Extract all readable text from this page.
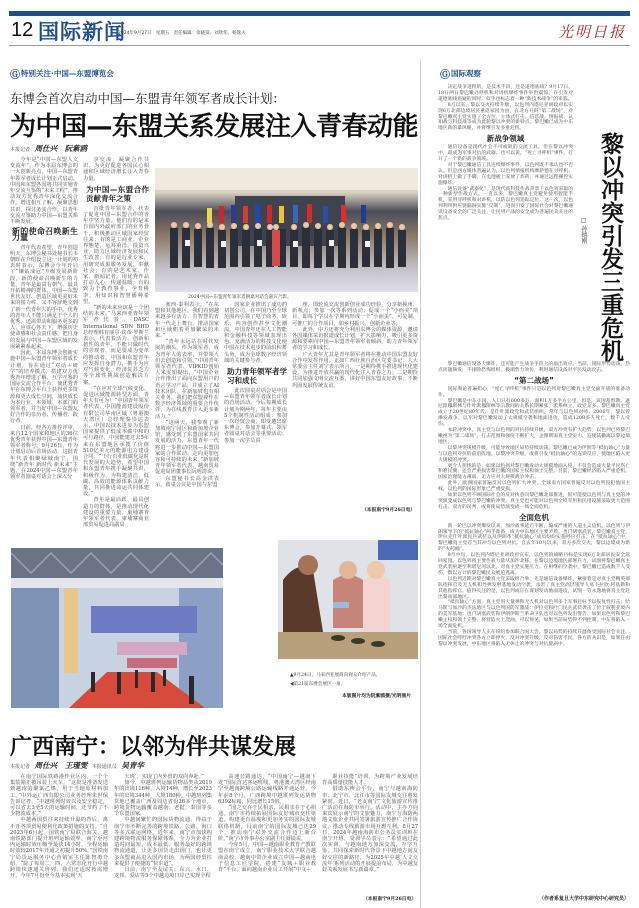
12 国际新闻
2024年9月27日 星期五 责任编辑：余晓葵、刘欣伟、杨逸夫	光明日报
Ⓖ 特别关注·中国—东盟博览会
东博会首次启动中国—东盟青年领军者成长计划：
为中国—东盟关系发展注入青春动能
本报记者 周仕兴 阮紫鸥

今年是“中国—东盟人文交流年”。作为本届东博会的一大创新亮点，中国—东盟青年领军者成长计划正式启动。中国和东盟各国将共同实施青年交流互鉴的“未来工程”，推动双方优秀青年深化交流合作，增进相互了解，凝聚思想共识，探讨务实合作，以青年交流互鉴助力中国—东盟关系不断发展。

新的使命召唤新生力量

青年代表希望，青年创造明天。东博会秘书处秘书长韦朝晖在介绍设立这一计划的初衷时表示，东博会今年开启了“镶钻成冠”升级发展新阶段，新的使命召唤新生的力量。青年是最富有朝气、最具开拓精神的群体，中国—东盟世代友好、创造区域更美好未来的接力棒，又不容辞地交到了新一代青年人的手中。优秀的青年人不能只满足于个人的优秀，还需带动和服务更多的人，应该心怀天下，增强历史使命感和社会责任感，把自身的发展与中国—东盟区域的发展紧紧系起来。

因此，本届东博会创新实施中国—东盟青年领军者成长计划，旨在通过“对话＋研学”的培养模式，搭建双方优秀青年增进了解、互学互鉴的国际交流合作平台，使优秀青年在东博会平台上获得更多资源和更大成长空间，加快成长为本行业、本领域、本部门的领军者，并当好中国—东盟友好合作的亲历者、传播者、践行者。

日前，经各方推荐评审，来自12个国家和地区的36位优秀青年获得中国—东盟青年领军者称号。9月26日，作为计划启动后首场活动，这批青年代表相聚绿城南宁，围绕“新青年 新时代 新未来”主题，在2024中国—东盟青年领军者圆桌对话会上深入分

享交流，凝聚合作共识，为更好促进各国民心相通和区域经济增长注入青春力量。

为中国—东盟合作贡献青年之策

首批青年领军者，代表了促进中国—东盟合作的青年中坚力量。他们有的是来自国内外政府部门的业务骨干，积极推动区域国家经贸往来；有的是工商业、企业界翘楚，运筹重洋、投资兴业，助力区域经济发展和民生改善；有的是行业专家，用研究成果服务发展，奉献社会；有的是艺术家、作家、新闻记者，用优秀作品打动人心，传递温暖；有的致力于教育事业，孕育桃李，用知识和智慧播种希望。

“新的未来应该是一个团结的未来。”马来西亚青年领军者代表、DASC International SDN BHD总经理韩有丽尔·宾帝·罗斯兰表示，代表着活力、创新和韧性的青年，不能只做时代的旁观者，而是要成为变革的推动者。中国和东盟青年应发挥自身潜力，携手为应对气候变化、经济复苏乏力等全球性挑战创造解决方案。

“在应对全球气候变化、促进区域能源转型方面，青年大有可为！”中国青年领军者代表、中国能源建设股份有限公司华南区域（粤港澳大湾区）总经理秦崇达表示，中国以技术进步为东盟国家提供了低成本碳中和的可行路径，中国能建过去5年来在东盟地区承揽了价值510亿美元的能源电力建设合同。“千行百业低碳化是时代发展的大趋势，希望中国和东盟青年携手凝聚共识，积极作为，为构建清洁、低碳、高效的能源体系贡献力量，共同推进命运共同体建设。”

青年是最活跃、最具创造力的群体，是推动现代化建设的重要力量。柬埔寨青年领军者代表、柬埔寨商业部贸易促进局副局

2024中国—东盟青年领军者圆桌对话会嘉宾合影。

塞西·泰利表示，“在东盟和其他地区，我们看到越来越多有活力、有智慧的青年一代走上舞台，推动国家和区域朝着更加繁荣的未来。”

“青年永远站在时代发展的潮头。作为领军者，成为青年人的表率，并带领人们去创造和引领。”中国青年领军者代表、VIPKID创始人米雯娟提出，“中国企业合作推出了面向东盟用户的语言学习产品，并成立了AI技术团队，在新加坡也有相关业务。我们把东盟视作在数字经济领域的重要合作伙伴，为在线教育注入更多新活力。”

“这两天，我参观了新加坡南宁园区和新加坡企业馆，感受到了东盟国家共同发展的活力，东盟青年一代将进一步推动中国—东盟国家的合作联动，走向更加包容和可持续的未来。”新加坡青年领军者代表、越南贸易促进局团董事长阮明清说。

东盟秘书长高金洪表示，圆桌会议是中国与东盟

国家企业推出了成功的初创公司，在中国乃至全球范围内引领了电子商务、娱乐、内容创作甚至文化潮流。中国青年还在人工智能和金融科技等领域表现出色。充满活力的科技文化使中国在技术进步的前沿积蓄头角，成为全球数字经济领域的关键参与者。

助力青年领军者学习和成长

此次圆桌对话会是中国—东盟青年领军者成长计划的首场活动。今后每期成长计划为期两年，每年主要由5个机制性活动组成：参加一次经贸会商，即受邀出席东博会，参加开幕式、领军者圆桌对话会等重要活动；参加一次学员讲

座，即轮流交流创新创业成功经验，分享新视角、新观点；参加一次等系列活动；促成一个“小而美”项目，即每个学员在学期内形成一个“小而美”、可复制、可推广的合作项目，如乡村振兴、创新企业等。

此外，中方还将充分利用东博会的媒体资源，邀请各国媒体采访报道成长计划，扩大影响力，吸引更多资源和要素向中国—东盟青年领军者倾斜，助力青年领军者的学习和成长。

广大青年尤其是青年领军者将在推动中国东盟友好合作中发挥作用。正如广西壮族自治区党委书记、人大常委会主任刘宁表示所言，一是期待携手推进现代化建设，为推进开放共赢的现代化注入青春之力；二是期待共同加强文明交流互鉴，讲好中国东盟友好故事，不断巩固发展传统友谊。

（本报南宁9月26日电）
▲9月24日，马来西亚展商向观众介绍产品。
◀第21届东博会展区一角。
本版图片均为阮紫鸥摄/光明图片
广西南宁：以邻为伴共谋发展
本报记者 周仕兴 王瑾雯 本报通讯员 吴青华

在南宁国际铁路港作业区内，一个个集装箱正被吊装上火车。“这批是准备发送到越南的聚氯乙烯，用于当地原材料加工。”中外运广西有限公司业务经理朱世保告诉记者，“中越班列时效以及安全稳定，可以省去3至5天的运输时间，还节约了不少物流成本。”

中越两国贸往来持续升温的背后，离不开各项贸易便利化政策措施的支持。“自2023年6月起，国铁南宁局联合海关、越南铁路部门提升班列运输效率，南宁至河内运输时效压缩至最快14小时，全程运输时效较2017年开通之初提升50%。”国铁南宁局货运服务中心营销室主任陈智勇介绍，“除了每周二、四、六常态化开行中越跨境快速通关班列，我们还适时按需增开，今年7月份至今基本实现‘天

天班’，实现了内外贸的双向奔赴。”

如今，中越班列运输货物品类从2019年的出境116种、入境14种，增长至2023年的出境344种、入境180种。中越班列集货地已覆盖广西及周边省份26多个地市，跨境货物运输覆盖越南、老挝、泰国等多个东盟国家。

中越间繁忙的国际货物流通，得益于南宁市不断完善的跨境铁路、公路、海口等多式联运网络。近年来，南宁市加快构建跨境物流服务保障体系，全力为企业打造时间最短、成本最低、服务最好的跨境物流通道，让更多国货走出国门，也让更多东盟商品进入国内市场，为两国经贸往来提供了便捷的“快车道”。

目前，南宁至友谊关、东兴、水口、龙邦、爱店等5个中越边境口岸已实现全程

高速公路通达，“中国南宁—越南下龙”国际直达客运班线、粤港澳大湾区经南宁至越南跨境公路运输线路开通运营。今年前8个月，广西跨境中越班列发运货物6392标箱，同比增长15倍。

“国之交在于民相亲，民相亲在于心相通。南宁市持续拓展国际友好城市交往渠道，构建更有温度和更加务实的国际友城联络机制，目前南宁的国际友城已达29个，推动南宁对外交流合作迈上新台阶。”南宁市外事办公室副主任聂镜说。

今年5月，中国—越南职业教育产教联盟在南宁成立，南宁职业技术大学联合越南高校、越南中资企业成立中国—越南电子信息工匠学院，搭建“友城＋职业教育”平台，面向越南企业员工开展“中文＋

职业技能”培训，为跨境产业发展培育高质量技能人才。

借助东博会平台，南宁与越南海防市、北宁市、北江市等国际友城交往愈发紧密。近日，“老友南宁”文化旅游宣传推广活动在海防市举行。活动中，主办方向来宾展示南宁的文旅魅力，南宁与海防两地文旅企业共同签署旅游宣传推广合作协议，推动专线旅游市场互惠互利。8月27日，2024年越南海防市公务员实训班在南宁开班，受训学员表示：“希望通过此次实训，与越南地方加深交流，互学互鉴，共同探索新时代背景下中越地方间友好交往的新路径，为2025年中越‘人文交流年’系列活动的开展提前布局，为中越友好关系发展书写新篇章。”

（本报南宁9月26日电）
Ⓖ 国际观察
黎以冲突引发三重危机
□ 孙德刚

决定战争进程的，是技术手段，还是道德底线？9月17日、18日两日黎巴嫩寻呼机和对讲机爆炸事件举世震惊，在引发对道德底线质疑的同时，似乎也标志着一种“新技术战争”的来临。

8月以来，黎以交火持续升级，以色列内塔尼亚胡政府以实现6万北部边境居民重返家园为由，在北方开辟“第二战场”，对黎巴嫩真主党实施了全方位、立体式打击。信息战、情报战、认知战与科技战等成为此轮黎以冲突的新特点。黎巴嫩已成为中东地区新的暴风眼，并将继引发多重危机。

新战争领域

通信设备是现代社会不可或缺的交流工具，但在黎以冲突中，却成为军事对抗的武器。也可以说，“死亡寻呼机”事件，打开了一个新的战争领域。

对于黎巴嫩通信工具连续爆炸事件，以色列既不承认也不否认。但是西方媒体普遍认为，以色列情报机构摩萨德在寻呼机、对讲机上做了手脚，在电池板上安放了炸药，并通过远程操控实施爆炸。

通信设备“武器化”，是现代高科技作战背景下以色列采取的一种新型作战方式。一直以来，黎巴嫩真主党避免使用智能手机，采用寻呼机和对讲机，以防以色列追踪定位。这一次，以色列利用供应链漏洞实施“反制”，进而引发了国际社会对黎巴嫩通讯设备安全的广泛关注，让民用产品的安全成为普遍民众关注的焦点。

黎巴嫩通信设备大爆炸，还可能产生战争手段上的溢出效应。当前，国际形势动荡，热点问题频发，不排除恐怖组织、极端势力效仿，利用通信设备对平民发动攻击。

“第二战场”

国际舆论普遍担心，“死亡寻呼机”事件只是以色列对黎巴嫩真主党全面开战的准备动作。

黎巴嫩是中东小国，人口只有600多万，面积1万多平方公里。但是，该国基督教、逊尼派穆斯林与什叶派穆斯林等宗教间的关系长期紧张，派系林立，政党众多。黎巴嫩真主党成立于20世纪80年代，是什叶派政党和武装组织，常年与以色列对峙。2006年，黎以曾爆发战争，以军对黎巴嫩发动了大规模空袭和地面进攻，造成1200多人死亡，数千人受伤。

本轮冲突中，真主党与以色列的对抗持续升级，双方冲突有扩大趋势。以色列已将黎巴嫩视为“第二战场”，打击范围和强度不断扩大，企图削弱真主党实力，迫使其撤离以黎边境地区。

以黎冲突规模升级，可能导致地区局势持续动荡。黎巴嫩已成为伊朗等“抵抗轴心”力量与以色列对抗的前沿阵地。以黎冲突升级，或将引发“抵抗轴心”的连锁反应，使地区陷入更大规模的冲突。

更令人担忧的是，如果以色列对黎巴嫩发动大规模地面入侵，不仅会造成大量平民伤亡和难民潮，还会严重损害黎巴嫩的国家主权和领土完整。目前，黎巴嫩经济陷入严重危机，国家治理能力薄弱，无力应对大规模战争冲击。

此外，欧洲国家普遍反对以色列扩大冲突，全球南方国家普遍反对以色列侵犯他国主权，以色列的国际形象已严重受损。

如果以色列不顾国际社会的反对执意向黎巴嫩北部推进，很可能使以色列与真主党的冲突演变成以色列与黎巴嫩的冲突，真主党也可能对以色列全境军用和民用设施采取更大范围打击。双方的误判，或将使局势演变成一场全面危机。

全面危机

新一轮巴以冲突爆发以来，加沙战事延宕不断，煽成严重的人道主义危机。以色列与伊朗领导下的“抵抗轴心”两手准备，成为中东地区主要矛盾。也门胡塞武装、黎巴嫩真主党、伊拉克什叶派民兵武装以及伊朗革“抵抗轴心”成员纷纷实施呼应打击。在“抵抗轴心”中，黎巴嫩真主党首当其冲与以色列对抗。自去年10月以来，双方多次交火，黎以边境成为新的“火药桶”。

9月中旬，以色列内塔尼亚胡政府宣布，以色列的战略目标是实现6万北部居民安全返回家园。以色列将主要作战力量从加沙北移，在黎以边境地区部署兵力，试图将黎巴嫩真主党武装驱逐至利塔尼河以北，对真主党实施压力。在相继的空袭中，黎巴嫩已造成数千人受伤，数以万计的黎巴嫩民众被迫逃离。

以色列近期对黎巴嫩真主党采取组合拳，先是通信设备爆炸，紧接着是对真主党精英部队指挥官及无人机和导弹发射基地发动空袭，杀害了真主党高层领导人易卜拉欣·阿基勒和其他指挥官。值得关注的是，以色列或正在谋划发动地面进攻，试图一劳永逸地将真主党赶出黎南部地区。

“抵抗轴心”方面，真主党用大量弹和无人机对以色列多个军事目标予以报复性打击；哈马斯与加沙的杰法地区与以色列国防军激战；伊拉克和叶门民兵武装袭击了位于叙利亚境内的美军基地；也门胡塞武装和伊朗伊斯兰革命卫队也对以色列发出警告。如果以色列和黎巴嫩主权和领土完整，将营造火上浇油。可以预见，如果当前局势得不到控制，中东将陷入一场全面危机。

当前，各国领导人正在纽约参加联合国大会。黎以局势的持续升温备受国际社会关注，国际社会呼吁冲突各方立即停火，反对冲突升级，反对伤害平民。各方的共识是，如果任由黎以冲突发展，中东地区将陷入无休止的冲突与对抗旋涡中。

（作者系复旦大学中东研究中心研究员）
